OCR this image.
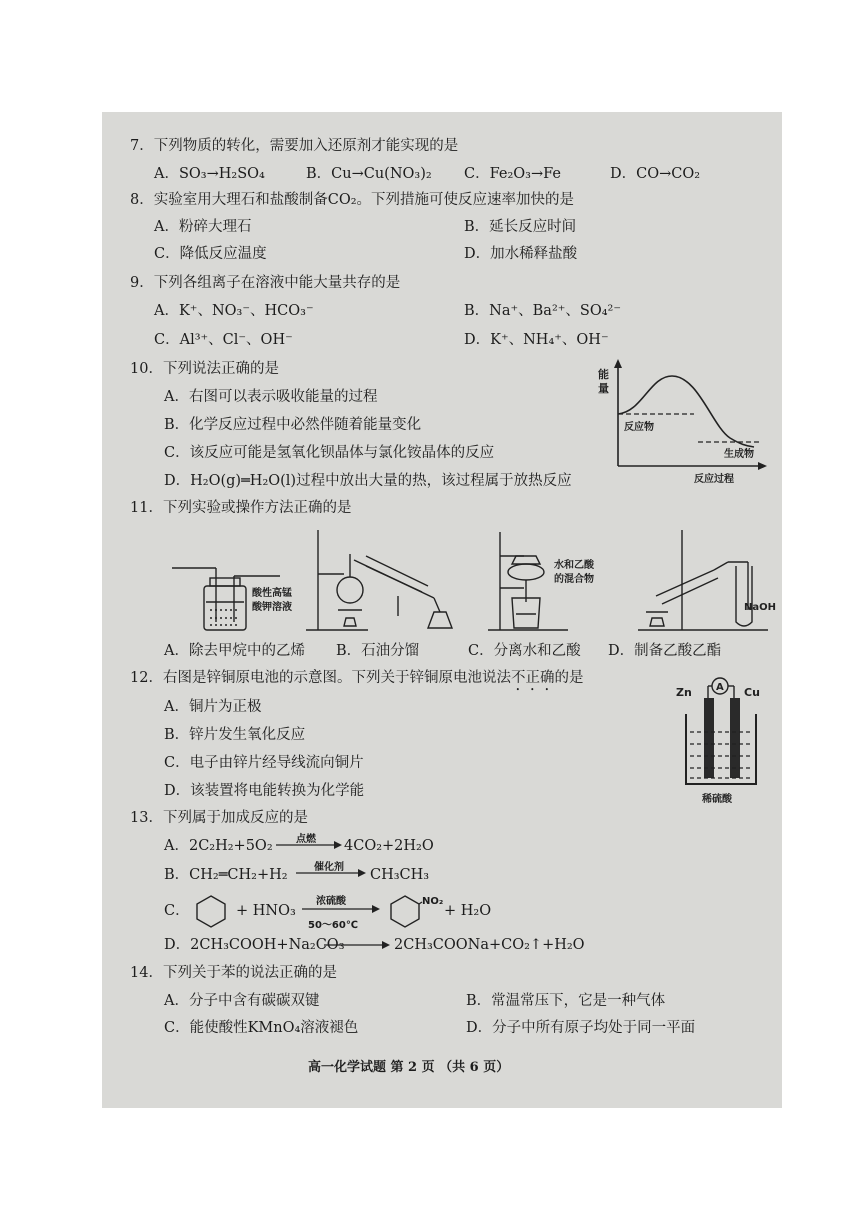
7．下列物质的转化，需要加入还原剂才能实现的是
A．SO₃→H₂SO₄	B．Cu→Cu(NO₃)₂ C．Fe₂O₃→Fe	D．CO→CO₂
8．实验室用大理石和盐酸制备CO₂。下列措施可使反应速率加快的是
A．粉碎大理石	B．延长反应时间
C．降低反应温度	D．加水稀释盐酸
9．下列各组离子在溶液中能大量共存的是
A．K⁺、NO₃⁻、HCO₃⁻	B．Na⁺、Ba²⁺、SO₄²⁻
C．Al³⁺、Cl⁻、OH⁻	D．K⁺、NH₄⁺、OH⁻
10．下列说法正确的是
A．右图可以表示吸收能量的过程
B．化学反应过程中必然伴随着能量变化
C．该反应可能是氢氧化钡晶体与氯化铵晶体的反应
D．H₂O(g)═H₂O(l)过程中放出大量的热，该过程属于放热反应
能
量
反应物
生成物
反应过程
11．下列实验或操作方法正确的是
酸性高锰
酸钾溶液
水和乙酸
的混合物
NaOH
A．除去甲烷中的乙烯 B．石油分馏	C．分离水和乙酸 D．制备乙酸乙酯
12．右图是锌铜原电池的示意图。下列关于锌铜原电池说法不正确的是
A．铜片为正极
B．锌片发生氧化反应
C．电子由锌片经导线流向铜片
D．该装置将电能转换为化学能
A
Zn	Cu
稀硫酸
13．下列属于加成反应的是
A．2C₂H₂+5O₂ 点燃 4CO₂+2H₂O
B．CH₂═CH₂+H₂	催化剂 CH₃CH₃
C．	+ HNO₃
浓硫酸
50～60℃
NO₂
+ H₂O
D．2CH₃COOH+Na₂CO₃	2CH₃COONa+CO₂↑+H₂O
14．下列关于苯的说法正确的是
A．分子中含有碳碳双键	B．常温常压下，它是一种气体
C．能使酸性KMnO₄溶液褪色	D．分子中所有原子均处于同一平面
高一化学试题 第 2 页 （共 6 页）
